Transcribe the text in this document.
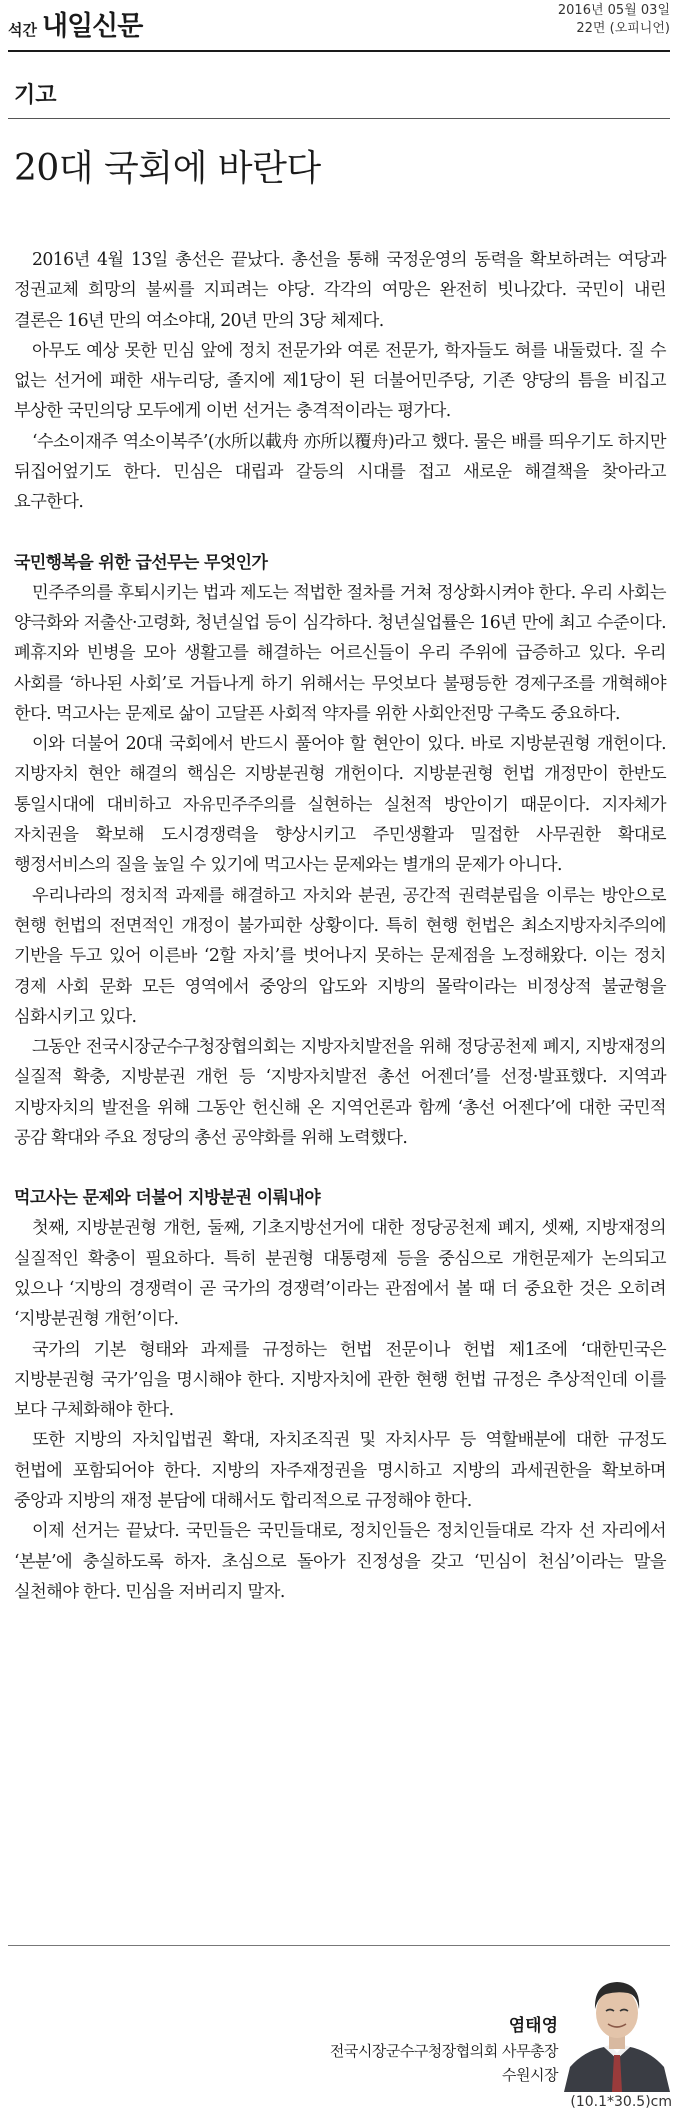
석간 내일신문
2016년 05월 03일
22면 (오피니언)
기고
20대 국회에 바란다

2016년 4월 13일 총선은 끝났다. 총선을 통해 국정운영의 동력을 확보하려는 여당과 정권교체 희망의 불씨를 지피려는 야당. 각각의 여망은 완전히 빗나갔다. 국민이 내린 결론은 16년 만의 여소야대, 20년 만의 3당 체제다.

아무도 예상 못한 민심 앞에 정치 전문가와 여론 전문가, 학자들도 혀를 내둘렀다. 질 수 없는 선거에 패한 새누리당, 졸지에 제1당이 된 더불어민주당, 기존 양당의 틈을 비집고 부상한 국민의당 모두에게 이번 선거는 충격적이라는 평가다.

‘수소이재주 역소이복주’(水所以載舟 亦所以覆舟)라고 했다. 물은 배를 띄우기도 하지만 뒤집어엎기도 한다. 민심은 대립과 갈등의 시대를 접고 새로운 해결책을 찾아라고 요구한다.

국민행복을 위한 급선무는 무엇인가

민주주의를 후퇴시키는 법과 제도는 적법한 절차를 거쳐 정상화시켜야 한다. 우리 사회는 양극화와 저출산·고령화, 청년실업 등이 심각하다. 청년실업률은 16년 만에 최고 수준이다. 폐휴지와 빈병을 모아 생활고를 해결하는 어르신들이 우리 주위에 급증하고 있다. 우리 사회를 ‘하나된 사회’로 거듭나게 하기 위해서는 무엇보다 불평등한 경제구조를 개혁해야 한다. 먹고사는 문제로 삶이 고달픈 사회적 약자를 위한 사회안전망 구축도 중요하다.

이와 더불어 20대 국회에서 반드시 풀어야 할 현안이 있다. 바로 지방분권형 개헌이다. 지방자치 현안 해결의 핵심은 지방분권형 개헌이다. 지방분권형 헌법 개정만이 한반도 통일시대에 대비하고 자유민주주의를 실현하는 실천적 방안이기 때문이다. 지자체가 자치권을 확보해 도시경쟁력을 향상시키고 주민생활과 밀접한 사무권한 확대로 행정서비스의 질을 높일 수 있기에 먹고사는 문제와는 별개의 문제가 아니다.

우리나라의 정치적 과제를 해결하고 자치와 분권, 공간적 권력분립을 이루는 방안으로 현행 헌법의 전면적인 개정이 불가피한 상황이다. 특히 현행 헌법은 최소지방자치주의에 기반을 두고 있어 이른바 ‘2할 자치’를 벗어나지 못하는 문제점을 노정해왔다. 이는 정치 경제 사회 문화 모든 영역에서 중앙의 압도와 지방의 몰락이라는 비정상적 불균형을 심화시키고 있다.

그동안 전국시장군수구청장협의회는 지방자치발전을 위해 정당공천제 폐지, 지방재정의 실질적 확충, 지방분권 개헌 등 ‘지방자치발전 총선 어젠더’를 선정·발표했다. 지역과 지방자치의 발전을 위해 그동안 헌신해 온 지역언론과 함께 ‘총선 어젠다’에 대한 국민적 공감 확대와 주요 정당의 총선 공약화를 위해 노력했다.

먹고사는 문제와 더불어 지방분권 이뤄내야

첫째, 지방분권형 개헌, 둘째, 기초지방선거에 대한 정당공천제 폐지, 셋째, 지방재정의 실질적인 확충이 필요하다. 특히 분권형 대통령제 등을 중심으로 개헌문제가 논의되고 있으나 ‘지방의 경쟁력이 곧 국가의 경쟁력’이라는 관점에서 볼 때 더 중요한 것은 오히려 ‘지방분권형 개헌’이다.

국가의 기본 형태와 과제를 규정하는 헌법 전문이나 헌법 제1조에 ‘대한민국은 지방분권형 국가’임을 명시해야 한다. 지방자치에 관한 현행 헌법 규정은 추상적인데 이를 보다 구체화해야 한다.

또한 지방의 자치입법권 확대, 자치조직권 및 자치사무 등 역할배분에 대한 규정도 헌법에 포함되어야 한다. 지방의 자주재정권을 명시하고 지방의 과세권한을 확보하며 중앙과 지방의 재정 분담에 대해서도 합리적으로 규정해야 한다.

이제 선거는 끝났다. 국민들은 국민들대로, 정치인들은 정치인들대로 각자 선 자리에서 ‘본분’에 충실하도록 하자. 초심으로 돌아가 진정성을 갖고 ‘민심이 천심’이라는 말을 실천해야 한다. 민심을 저버리지 말자.

염태영
전국시장군수구청장협의회 사무총장
수원시장
(10.1*30.5)cm
